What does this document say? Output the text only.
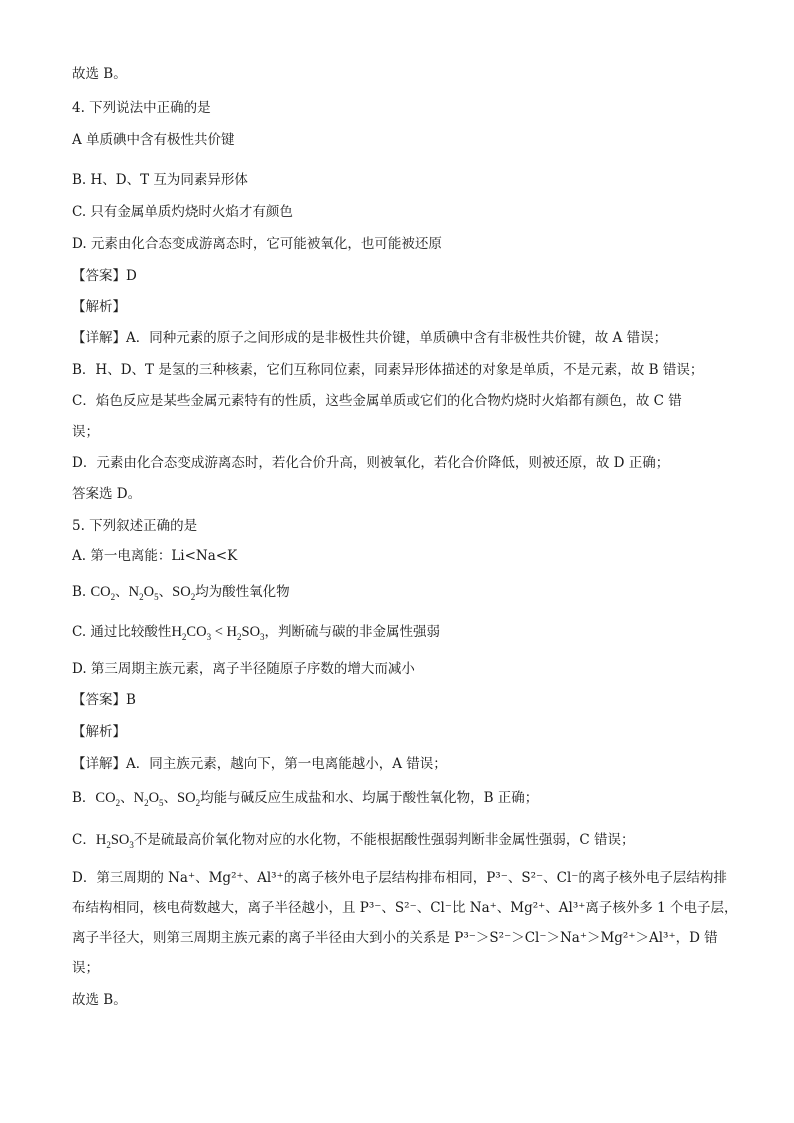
故选 B。
4. 下列说法中正确的是
A 单质碘中含有极性共价键
B. H、D、T 互为同素异形体
C. 只有金属单质灼烧时火焰才有颜色
D. 元素由化合态变成游离态时，它可能被氧化，也可能被还原
【答案】D
【解析】
【详解】A．同种元素的原子之间形成的是非极性共价键，单质碘中含有非极性共价键，故 A 错误；
B．H、D、T 是氢的三种核素，它们互称同位素，同素异形体描述的对象是单质，不是元素，故 B 错误；
C．焰色反应是某些金属元素特有的性质，这些金属单质或它们的化合物灼烧时火焰都有颜色，故 C 错
误；
D．元素由化合态变成游离态时，若化合价升高，则被氧化，若化合价降低，则被还原，故 D 正确；
答案选 D。
5. 下列叙述正确的是
A. 第一电离能：Li<Na<K
B. $CO_2$、$N_2O_5$、$SO_2$均为酸性氧化物
C. 通过比较酸性$H_2CO_3 < H_2SO_3$，判断硫与碳的非金属性强弱
D. 第三周期主族元素，离子半径随原子序数的增大而减小
【答案】B
【解析】
【详解】A．同主族元素，越向下，第一电离能越小，A 错误；
B．$CO_2$、$N_2O_5$、$SO_2$均能与碱反应生成盐和水、均属于酸性氧化物，B 正确；
C．$H_2SO_3$不是硫最高价氧化物对应的水化物，不能根据酸性强弱判断非金属性强弱，C 错误；
D．第三周期的 Na⁺、Mg²⁺、Al³⁺的离子核外电子层结构排布相同，P³⁻、S²⁻、Cl⁻的离子核外电子层结构排
布结构相同，核电荷数越大，离子半径越小，且 P³⁻、S²⁻、Cl⁻比 Na⁺、Mg²⁺、Al³⁺离子核外多 1 个电子层，
离子半径大，则第三周期主族元素的离子半径由大到小的关系是 P³⁻＞S²⁻＞Cl⁻＞Na⁺＞Mg²⁺＞Al³⁺，D 错
误；
故选 B。
